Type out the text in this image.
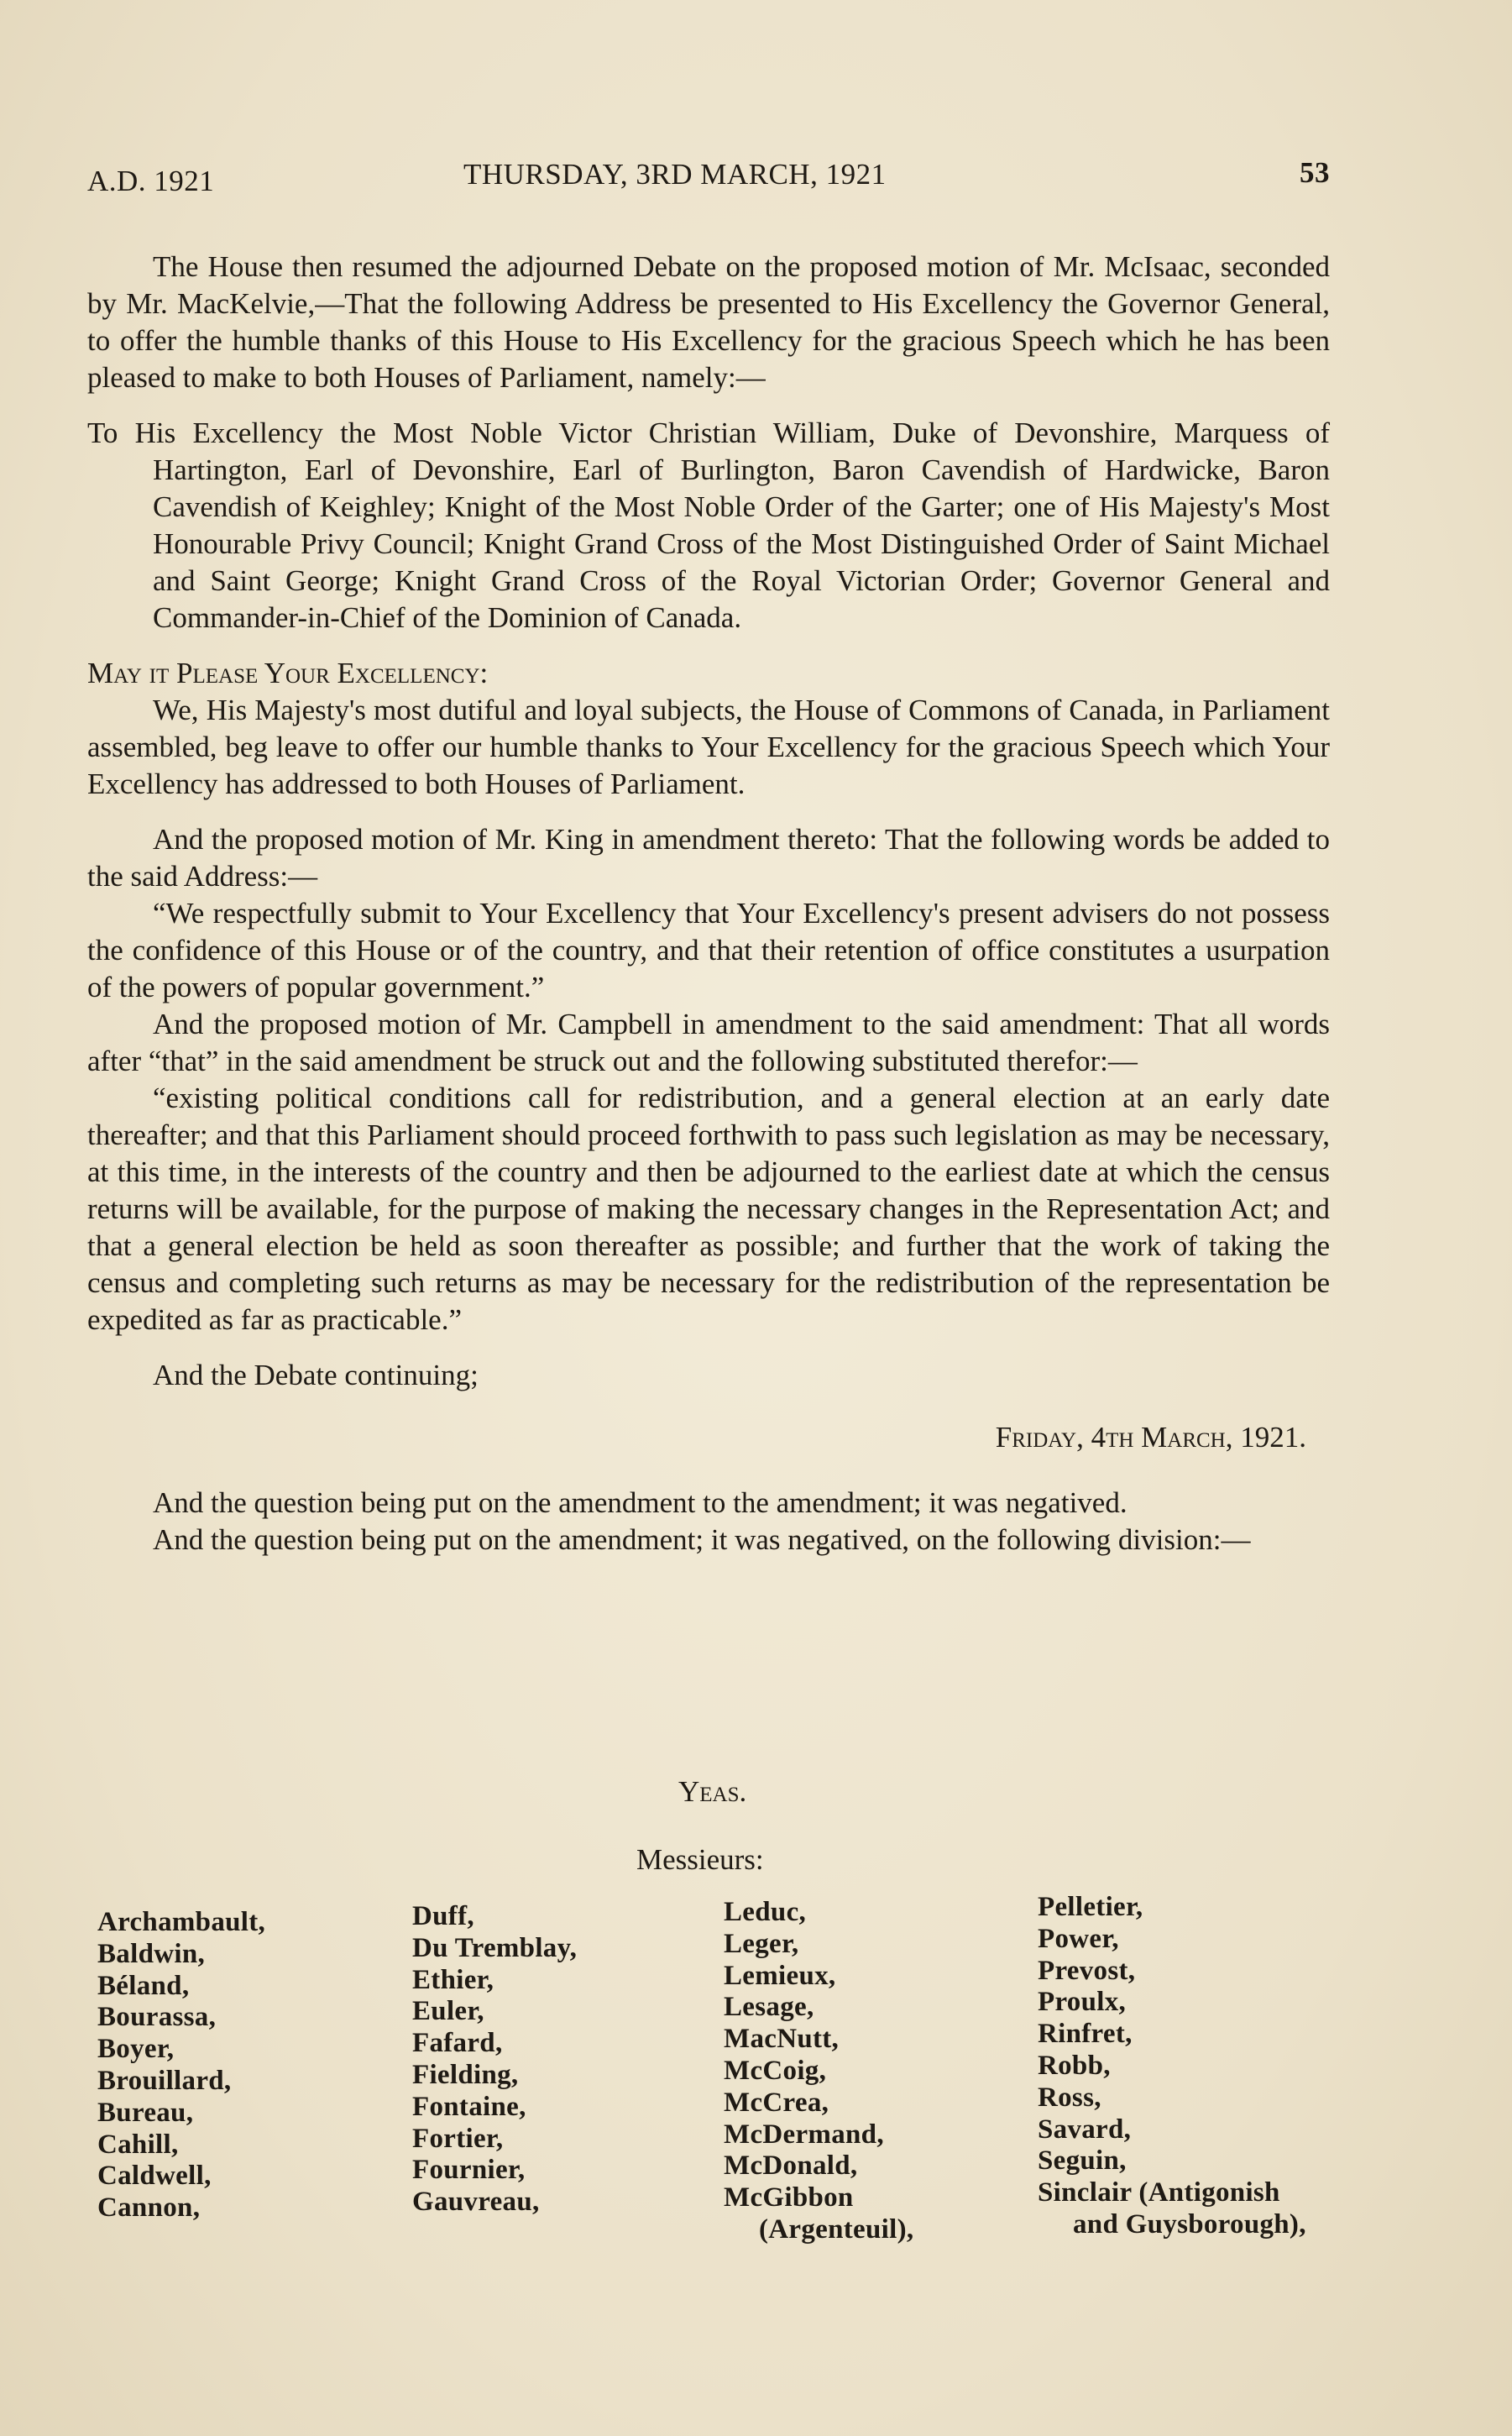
A.D. 1921	THURSDAY, 3RD MARCH, 1921	53

The House then resumed the adjourned Debate on the proposed motion of Mr. McIsaac, seconded by Mr. MacKelvie,—That the following Address be presented to His Excellency the Governor General, to offer the humble thanks of this House to His Excellency for the gracious Speech which he has been pleased to make to both Houses of Parliament, namely:—

To His Excellency the Most Noble Victor Christian William, Duke of Devonshire, Marquess of Hartington, Earl of Devonshire, Earl of Burlington, Baron Cavendish of Hardwicke, Baron Cavendish of Keighley; Knight of the Most Noble Order of the Garter; one of His Majesty's Most Honourable Privy Council; Knight Grand Cross of the Most Distinguished Order of Saint Michael and Saint George; Knight Grand Cross of the Royal Victorian Order; Governor General and Commander-in-Chief of the Dominion of Canada.

May it Please Your Excellency:

We, His Majesty's most dutiful and loyal subjects, the House of Commons of Canada, in Parliament assembled, beg leave to offer our humble thanks to Your Excellency for the gracious Speech which Your Excellency has addressed to both Houses of Parliament.

And the proposed motion of Mr. King in amendment thereto: That the following words be added to the said Address:—

“We respectfully submit to Your Excellency that Your Excellency's present advisers do not possess the confidence of this House or of the country, and that their retention of office constitutes a usurpation of the powers of popular government.”

And the proposed motion of Mr. Campbell in amendment to the said amendment: That all words after “that” in the said amendment be struck out and the following substituted therefor:—

“existing political conditions call for redistribution, and a general election at an early date thereafter; and that this Parliament should proceed forthwith to pass such legislation as may be necessary, at this time, in the interests of the country and then be adjourned to the earliest date at which the census returns will be available, for the purpose of making the necessary changes in the Representation Act; and that a general election be held as soon thereafter as possible; and further that the work of taking the census and completing such returns as may be necessary for the redistribution of the representation be expedited as far as practicable.”

And the Debate continuing;

Friday, 4th March, 1921.

And the question being put on the amendment to the amendment; it was negatived.

And the question being put on the amendment; it was negatived, on the following division:—

Yeas.
Messieurs:
Archambault,
Baldwin,
Béland,
Bourassa,
Boyer,
Brouillard,
Bureau,
Cahill,
Caldwell,
Cannon,
Duff,
Du Tremblay,
Ethier,
Euler,
Fafard,
Fielding,
Fontaine,
Fortier,
Fournier,
Gauvreau,
Leduc,
Leger,
Lemieux,
Lesage,
MacNutt,
McCoig,
McCrea,
McDermand,
McDonald,
McGibbon
(Argenteuil),
Pelletier,
Power,
Prevost,
Proulx,
Rinfret,
Robb,
Ross,
Savard,
Seguin,
Sinclair (Antigonish
and Guysborough),
